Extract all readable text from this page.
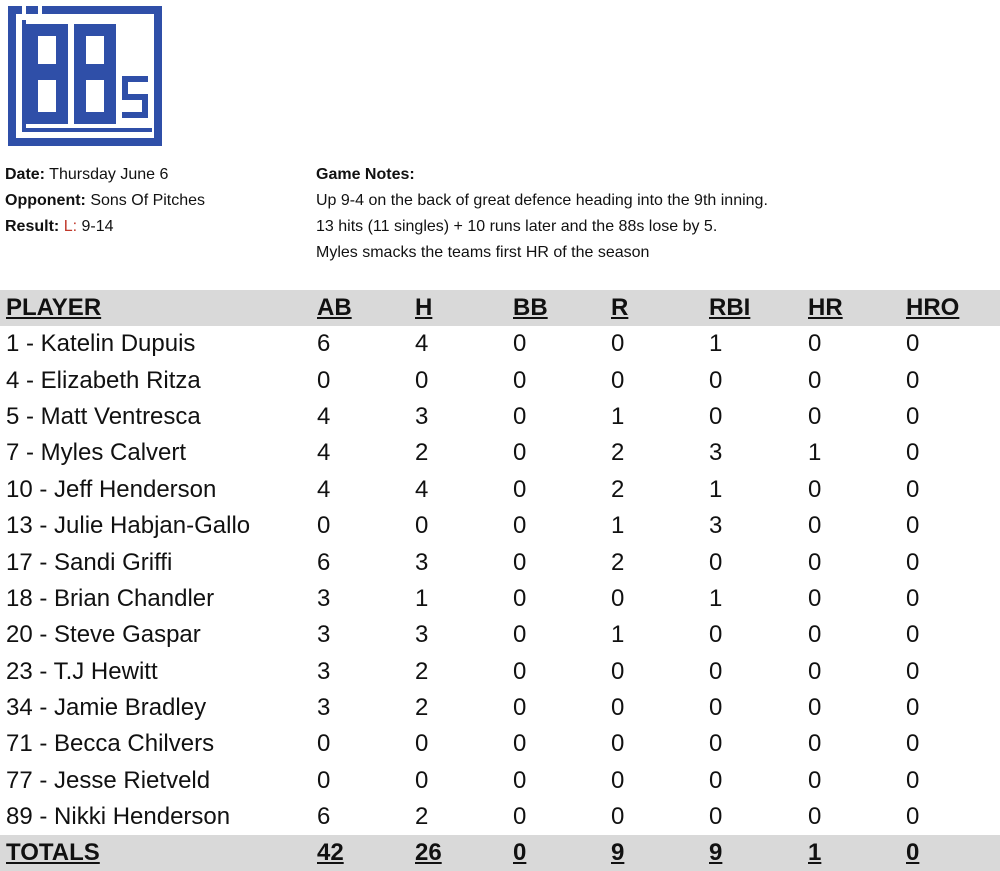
Date: Thursday June 6
Opponent: Sons Of Pitches
Result: L: 9-14
Game Notes:
Up 9-4 on the back of great defence heading into the 9th inning.
13 hits (11 singles) + 10 runs later and the 88s lose by 5.
Myles smacks the teams first HR of the season
PLAYER	AB	H	BB	R	RBI	HR	HRO
1 - Katelin Dupuis	6	4	0	0	1	0	0
4 - Elizabeth Ritza	0	0	0	0	0	0	0
5 - Matt Ventresca	4	3	0	1	0	0	0
7 - Myles Calvert	4	2	0	2	3	1	0
10 - Jeff Henderson	4	4	0	2	1	0	0
13 - Julie Habjan-Gallo	0	0	0	1	3	0	0
17 - Sandi Griffi	6	3	0	2	0	0	0
18 - Brian Chandler	3	1	0	0	1	0	0
20 - Steve Gaspar	3	3	0	1	0	0	0
23 - T.J Hewitt	3	2	0	0	0	0	0
34 - Jamie Bradley	3	2	0	0	0	0	0
71 - Becca Chilvers	0	0	0	0	0	0	0
77 - Jesse Rietveld	0	0	0	0	0	0	0
89 - Nikki Henderson	6	2	0	0	0	0	0
TOTALS	42	26	0	9	9	1	0
